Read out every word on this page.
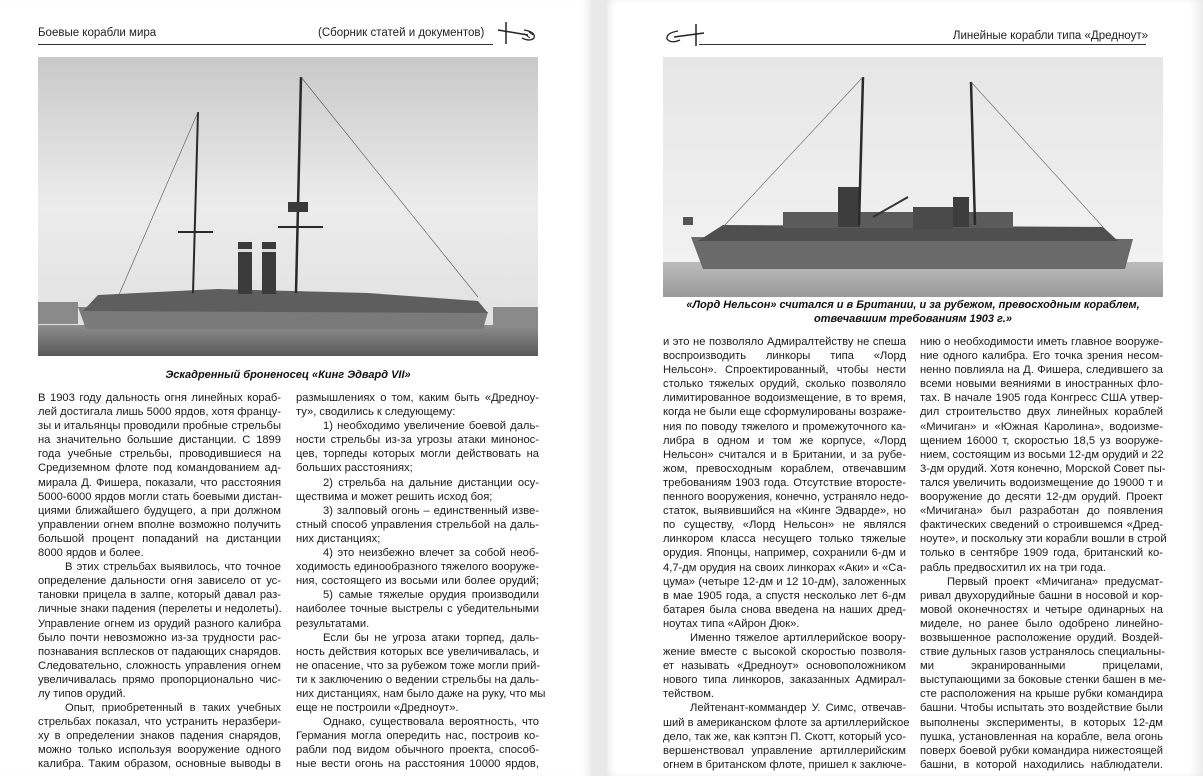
Боевые корабли мира	(Сборник статей и документов)
Эскадренный броненосец «Кинг Эдвард VII»
В 1903 году дальность огня линейных кораб-
лей достигала лишь 5000 ярдов, хотя францу-
зы и итальянцы проводили пробные стрельбы
на значительно большие дистанции. С 1899
года учебные стрельбы, проводившиеся на
Средиземном флоте под командованием ад-
мирала Д. Фишера, показали, что расстояния
5000-6000 ярдов могли стать боевыми дистан-
циями ближайшего будущего, а при должном
управлении огнем вполне возможно получить
большой процент попаданий на дистанции
8000 ярдов и более.
В этих стрельбах выявилось, что точное
определение дальности огня зависело от ус-
тановки прицела в залпе, который давал раз-
личные знаки падения (перелеты и недолеты).
Управление огнем из орудий разного калибра
было почти невозможно из-за трудности рас-
познавания всплесков от падающих снарядов.
Следовательно, сложность управления огнем
увеличивалась прямо пропорционально чис-
лу типов орудий.
Опыт, приобретенный в таких учебных
стрельбах показал, что устранить неразбери-
ху в определении знаков падения снарядов,
можно только используя вооружение одного
калибра. Таким образом, основные выводы в
размышлениях о том, каким быть «Дредноу-
ту», сводились к следующему:
1) необходимо увеличение боевой даль-
ности стрельбы из-за угрозы атаки минонос-
цев, торпеды которых могли действовать на
больших расстояниях;
2) стрельба на дальние дистанции осу-
ществима и может решить исход боя;
3) залповый огонь – единственный изве-
стный способ управления стрельбой на даль-
них дистанциях;
4) это неизбежно влечет за собой необ-
ходимость единообразного тяжелого вооруже-
ния, состоящего из восьми или более орудий;
5) самые тяжелые орудия производили
наиболее точные выстрелы с убедительными
результатами.
Если бы не угроза атаки торпед, даль-
ность действия которых все увеличивалась, и
не опасение, что за рубежом тоже могли прий-
ти к заключению о ведении стрельбы на даль-
них дистанциях, нам было даже на руку, что мы
еще не построили «Дредноут».
Однако, существовала вероятность, что
Германия могла опередить нас, построив ко-
рабли под видом обычного проекта, способ-
ные вести огонь на расстояния 10000 ярдов,
Линейные корабли типа «Дредноут»
«Лорд Нельсон» считался и в Британии, и за рубежом, превосходным кораблем,
отвечавшим требованиям 1903 г.»
и это не позволяло Адмиралтейству не спеша
воспроизводить линкоры типа «Лорд
Нельсон». Спроектированный, чтобы нести
столько тяжелых орудий, сколько позволяло
лимитированное водоизмещение, в то время,
когда не были еще сформулированы возраже-
ния по поводу тяжелого и промежуточного ка-
либра в одном и том же корпусе, «Лорд
Нельсон» считался и в Британии, и за рубе-
жом, превосходным кораблем, отвечавшим
требованиям 1903 года. Отсутствие второсте-
пенного вооружения, конечно, устраняло недо-
статок, выявившийся на «Кинге Эдварде», но
по существу, «Лорд Нельсон» не являлся
линкором класса несущего только тяжелые
орудия. Японцы, например, сохранили 6-дм и
4,7-дм орудия на своих линкорах «Аки» и «Са-
цума» (четыре 12-дм и 12 10-дм), заложенных
в мае 1905 года, а спустя несколько лет 6-дм
батарея была снова введена на наших дред-
ноутах типа «Айрон Дюк».
Именно тяжелое артиллерийское воору-
жение вместе с высокой скоростью позволя-
ет называть «Дредноут» основоположником
нового типа линкоров, заказанных Адмирал-
тейством.
Лейтенант-коммандер У. Симс, отвечав-
ший в американском флоте за артиллерийское
дело, так же, как кэптэн П. Скотт, который усо-
вершенствовал управление артиллерийским
огнем в британском флоте, пришел к заключе-
нию о необходимости иметь главное вооруже-
ние одного калибра. Его точка зрения несом-
ненно повлияла на Д. Фишера, следившего за
всеми новыми веяниями в иностранных фло-
тах. В начале 1905 года Конгресс США утвер-
дил строительство двух линейных кораблей
«Мичиган» и «Южная Каролина», водоизме-
щением 16000 т, скоростью 18,5 уз вооруже-
нием, состоящим из восьми 12-дм орудий и 22
3-дм орудий. Хотя конечно, Морской Совет пы-
тался увеличить водоизмещение до 19000 т и
вооружение до десяти 12-дм орудий. Проект
«Мичигана» был разработан до появления
фактических сведений о строившемся «Дред-
ноуте», и поскольку эти корабли вошли в строй
только в сентябре 1909 года, британский ко-
рабль предвосхитил их на три года.
Первый проект «Мичигана» предусмат-
ривал двухорудийные башни в носовой и кор-
мовой оконечностях и четыре одинарных на
миделе, но ранее было одобрено линейно-
возвышенное расположение орудий. Воздей-
ствие дульных газов устранялось специальны-
ми экранированными прицелами,
выступающими за боковые стенки башен в ме-
сте расположения на крыше рубки командира
башни. Чтобы испытать это воздействие были
выполнены эксперименты, в которых 12-дм
пушка, установленная на корабле, вела огонь
поверх боевой рубки командира нижестоящей
башни, в которой находились наблюдатели.
